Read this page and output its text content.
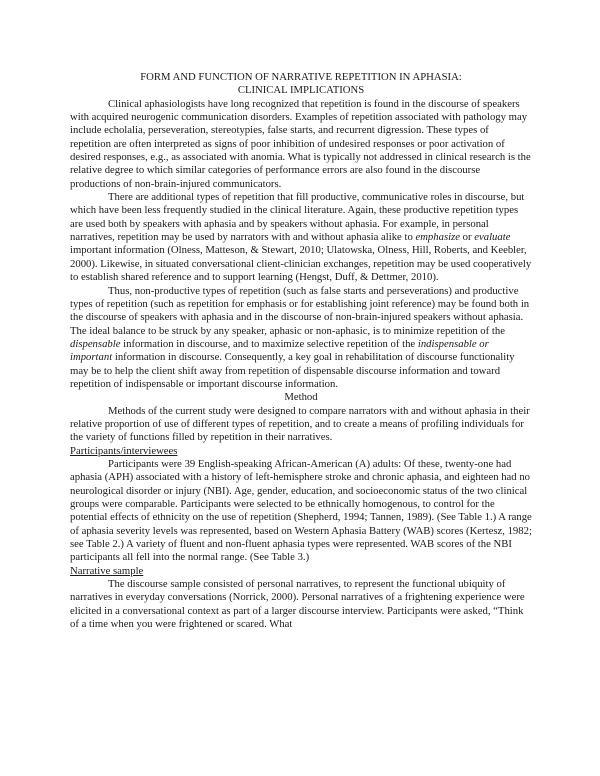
FORM AND FUNCTION OF NARRATIVE REPETITION IN APHASIA:
CLINICAL IMPLICATIONS

Clinical aphasiologists have long recognized that repetition is found in the discourse of speakers with acquired neurogenic communication disorders. Examples of repetition associated with pathology may include echolalia, perseveration, stereotypies, false starts, and recurrent digression. These types of repetition are often interpreted as signs of poor inhibition of undesired responses or poor activation of desired responses, e.g., as associated with anomia. What is typically not addressed in clinical research is the relative degree to which similar categories of performance errors are also found in the discourse productions of non-brain-injured communicators.

There are additional types of repetition that fill productive, communicative roles in discourse, but which have been less frequently studied in the clinical literature. Again, these productive repetition types are used both by speakers with aphasia and by speakers without aphasia. For example, in personal narratives, repetition may be used by narrators with and without aphasia alike to emphasize or evaluate important information (Olness, Matteson, & Stewart, 2010; Ulatowska, Olness, Hill, Roberts, and Keebler, 2000). Likewise, in situated conversational client-clinician exchanges, repetition may be used cooperatively to establish shared reference and to support learning (Hengst, Duff, & Dettmer, 2010).

Thus, non-productive types of repetition (such as false starts and perseverations) and productive types of repetition (such as repetition for emphasis or for establishing joint reference) may be found both in the discourse of speakers with aphasia and in the discourse of non-brain-injured speakers without aphasia. The ideal balance to be struck by any speaker, aphasic or non-aphasic, is to minimize repetition of the dispensable information in discourse, and to maximize selective repetition of the indispensable or important information in discourse. Consequently, a key goal in rehabilitation of discourse functionality may be to help the client shift away from repetition of dispensable discourse information and toward repetition of indispensable or important discourse information.

Method

Methods of the current study were designed to compare narrators with and without aphasia in their relative proportion of use of different types of repetition, and to create a means of profiling individuals for the variety of functions filled by repetition in their narratives.

Participants/interviewees

Participants were 39 English-speaking African-American (A) adults: Of these, twenty-one had aphasia (APH) associated with a history of left-hemisphere stroke and chronic aphasia, and eighteen had no neurological disorder or injury (NBI). Age, gender, education, and socioeconomic status of the two clinical groups were comparable. Participants were selected to be ethnically homogenous, to control for the potential effects of ethnicity on the use of repetition (Shepherd, 1994; Tannen, 1989). (See Table 1.) A range of aphasia severity levels was represented, based on Western Aphasia Battery (WAB) scores (Kertesz, 1982; see Table 2.) A variety of fluent and non-fluent aphasia types were represented. WAB scores of the NBI participants all fell into the normal range. (See Table 3.)

Narrative sample

The discourse sample consisted of personal narratives, to represent the functional ubiquity of narratives in everyday conversations (Norrick, 2000). Personal narratives of a frightening experience were elicited in a conversational context as part of a larger discourse interview. Participants were asked, “Think of a time when you were frightened or scared. What
